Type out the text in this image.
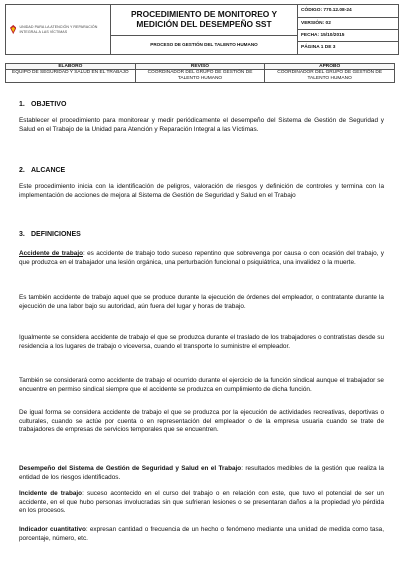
UNIDAD PARA LA ATENCIÓN Y REPARACIÓN INTEGRAL A LAS VÍCTIMAS

PROCEDIMIENTO DE MONITOREO Y MEDICIÓN DEL DESEMPEÑO SST
PROCESO DE GESTIÓN DEL TALENTO HUMANO

CÓDIGO: 770.12.08-24
VERSIÓN: 02
FECHA: 15/10/2015
PÁGINA 1 DE 3
ELABORO	REVISO	APROBO
EQUIPO DE SEGURIDAD Y SALUD EN EL TRABAJO	COORDINADOR DEL GRUPO DE GESTIÓN DE TALENTO HUMANO	COORDINADOR DEL GRUPO DE GESTIÓN DE TALENTO HUMANO
1. OBJETIVO

Establecer el procedimiento para monitorear y medir periódicamente el desempeño del Sistema de Gestión de Seguridad y Salud en el Trabajo de la Unidad para Atención y Reparación Integral a las Víctimas.

2. ALCANCE

Este procedimiento inicia con la identificación de peligros, valoración de riesgos y definición de controles y termina con la implementación de acciones de mejora al Sistema de Gestión de Seguridad y Salud en el Trabajo

3. DEFINICIONES

Accidente de trabajo: es accidente de trabajo todo suceso repentino que sobrevenga por causa o con ocasión del trabajo, y que produzca en el trabajador una lesión orgánica, una perturbación funcional o psiquiátrica, una invalidez o la muerte.

Es también accidente de trabajo aquel que se produce durante la ejecución de órdenes del empleador, o contratante durante la ejecución de una labor bajo su autoridad, aún fuera del lugar y horas de trabajo.

Igualmente se considera accidente de trabajo el que se produzca durante el traslado de los trabajadores o contratistas desde su residencia a los lugares de trabajo o viceversa, cuando el transporte lo suministre el empleador.

También se considerará como accidente de trabajo el ocurrido durante el ejercicio de la función sindical aunque el trabajador se encuentre en permiso sindical siempre que el accidente se produzca en cumplimiento de dicha función.

De igual forma se considera accidente de trabajo el que se produzca por la ejecución de actividades recreativas, deportivas o culturales, cuando se actúe por cuenta o en representación del empleador o de la empresa usuaria cuando se trate de trabajadores de empresas de servicios temporales que se encuentren.

Desempeño del Sistema de Gestión de Seguridad y Salud en el Trabajo: resultados medibles de la gestión que realiza la entidad de los riesgos identificados.

Incidente de trabajo: suceso acontecido en el curso del trabajo o en relación con este, que tuvo el potencial de ser un accidente, en el que hubo personas involucradas sin que sufrieran lesiones o se presentaran daños a la propiedad y/o pérdida en los procesos.

Indicador cuantitativo: expresan cantidad o frecuencia de un hecho o fenómeno mediante una unidad de medida como tasa, porcentaje, número, etc.
